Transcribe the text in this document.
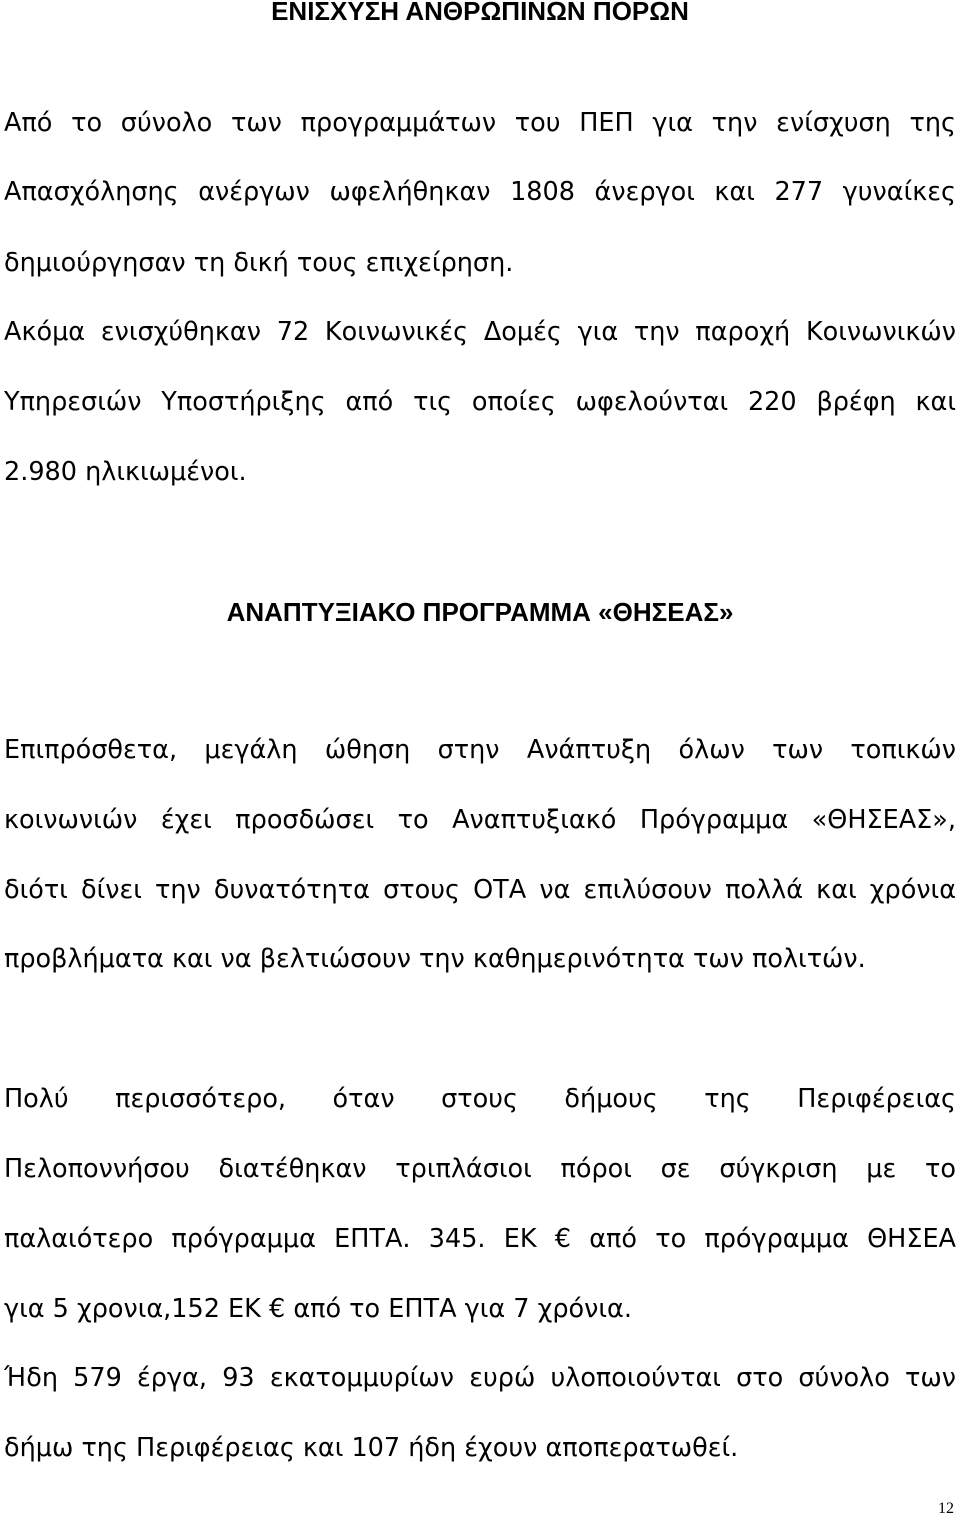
ΕΝΙΣΧΥΣΗ ΑΝΘΡΩΠΙΝΩΝ ΠΟΡΩΝ
Από το σύνολο των προγραμμάτων του ΠΕΠ για την ενίσχυση της
Απασχόλησης ανέργων ωφελήθηκαν 1808 άνεργοι και 277 γυναίκες
δημιούργησαν τη δική τους επιχείρηση.
Ακόμα ενισχύθηκαν 72 Κοινωνικές Δομές για την παροχή Κοινωνικών
Υπηρεσιών Υποστήριξης από τις οποίες ωφελούνται 220 βρέφη και
2.980 ηλικιωμένοι.
ΑΝΑΠΤΥΞΙΑΚΟ ΠΡΟΓΡΑΜΜΑ «ΘΗΣΕΑΣ»
Επιπρόσθετα, μεγάλη ώθηση στην Ανάπτυξη όλων των τοπικών
κοινωνιών έχει προσδώσει το Αναπτυξιακό Πρόγραμμα «ΘΗΣΕΑΣ»,
διότι δίνει την δυνατότητα στους ΟΤΑ να επιλύσουν πολλά και χρόνια
προβλήματα και να βελτιώσουν την καθημερινότητα των πολιτών.
Πολύ περισσότερο, όταν στους δήμους της Περιφέρειας
Πελοποννήσου διατέθηκαν τριπλάσιοι πόροι σε σύγκριση με το
παλαιότερο πρόγραμμα ΕΠΤΑ. 345. ΕΚ € από το πρόγραμμα ΘΗΣΕΑ
για 5 χρονια,152 ΕΚ € από το ΕΠΤΑ για 7 χρόνια.
Ήδη 579 έργα, 93 εκατομμυρίων ευρώ υλοποιούνται στο σύνολο των
δήμω της Περιφέρειας και 107 ήδη έχουν αποπερατωθεί.
12
